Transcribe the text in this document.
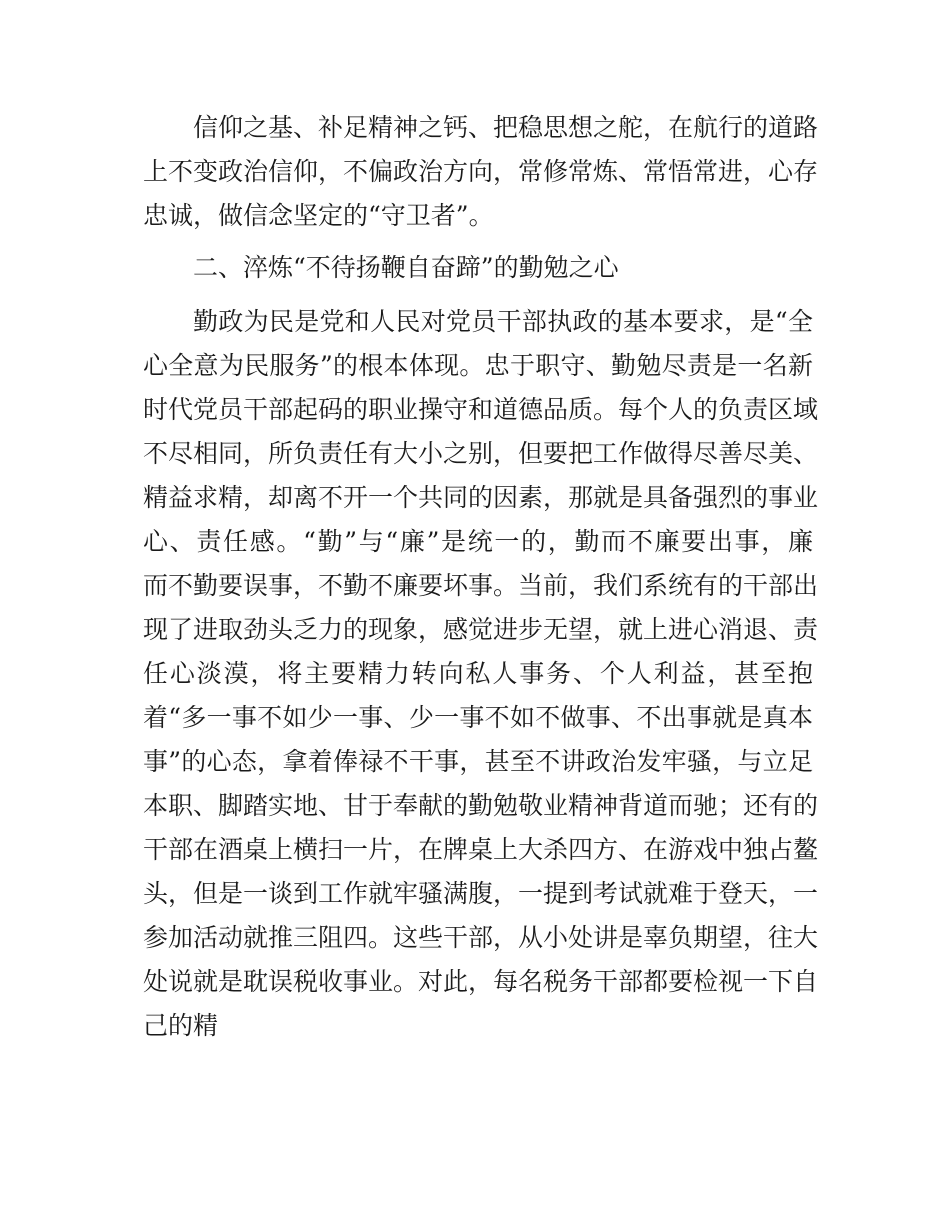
信仰之基、补足精神之钙、把稳思想之舵，在航行的道路
上不变政治信仰，不偏政治方向，常修常炼、常悟常进，心存
忠诚，做信念坚定的“守卫者”。
二、淬炼“不待扬鞭自奋蹄”的勤勉之心
勤政为民是党和人民对党员干部执政的基本要求，是“全
心全意为民服务”的根本体现。忠于职守、勤勉尽责是一名新
时代党员干部起码的职业操守和道德品质。每个人的负责区域
不尽相同，所负责任有大小之别，但要把工作做得尽善尽美、
精益求精，却离不开一个共同的因素，那就是具备强烈的事业
心、责任感。“勤”与“廉”是统一的，勤而不廉要出事，廉
而不勤要误事，不勤不廉要坏事。当前，我们系统有的干部出
现了进取劲头乏力的现象，感觉进步无望，就上进心消退、责
任心淡漠，将主要精力转向私人事务、个人利益，甚至抱
着“多一事不如少一事、少一事不如不做事、不出事就是真本
事”的心态，拿着俸禄不干事，甚至不讲政治发牢骚，与立足
本职、脚踏实地、甘于奉献的勤勉敬业精神背道而驰；还有的
干部在酒桌上横扫一片，在牌桌上大杀四方、在游戏中独占鳌
头，但是一谈到工作就牢骚满腹，一提到考试就难于登天，一
参加活动就推三阻四。这些干部，从小处讲是辜负期望，往大
处说就是耽误税收事业。对此，每名税务干部都要检视一下自
己的精
